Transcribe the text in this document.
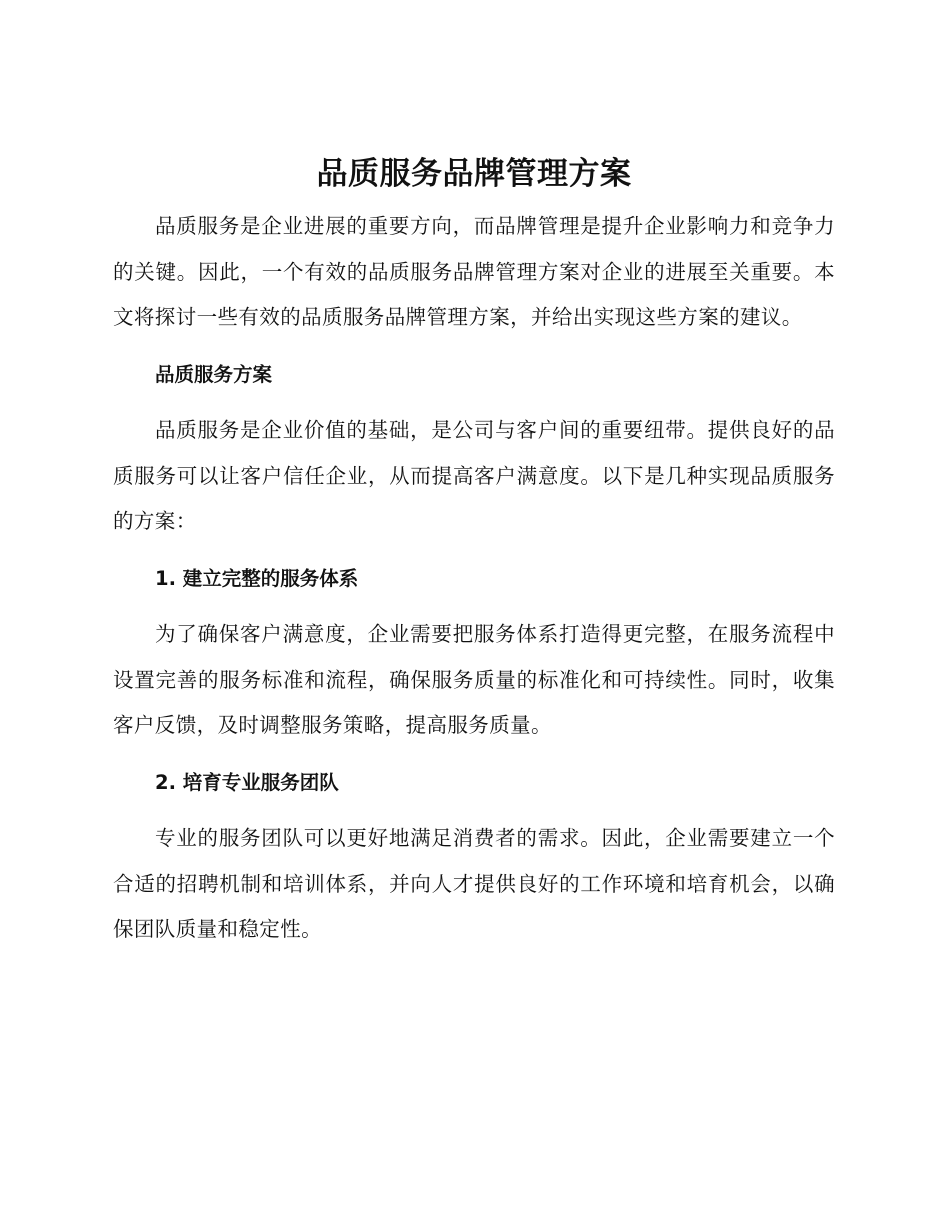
品质服务品牌管理方案

品质服务是企业进展的重要方向，而品牌管理是提升企业影响力和竞争力的关键。因此，一个有效的品质服务品牌管理方案对企业的进展至关重要。本文将探讨一些有效的品质服务品牌管理方案，并给出实现这些方案的建议。

品质服务方案

品质服务是企业价值的基础，是公司与客户间的重要纽带。提供良好的品质服务可以让客户信任企业，从而提高客户满意度。以下是几种实现品质服务的方案：

1. 建立完整的服务体系

为了确保客户满意度，企业需要把服务体系打造得更完整，在服务流程中设置完善的服务标准和流程，确保服务质量的标准化和可持续性。同时，收集客户反馈，及时调整服务策略，提高服务质量。

2. 培育专业服务团队

专业的服务团队可以更好地满足消费者的需求。因此，企业需要建立一个合适的招聘机制和培训体系，并向人才提供良好的工作环境和培育机会，以确保团队质量和稳定性。
